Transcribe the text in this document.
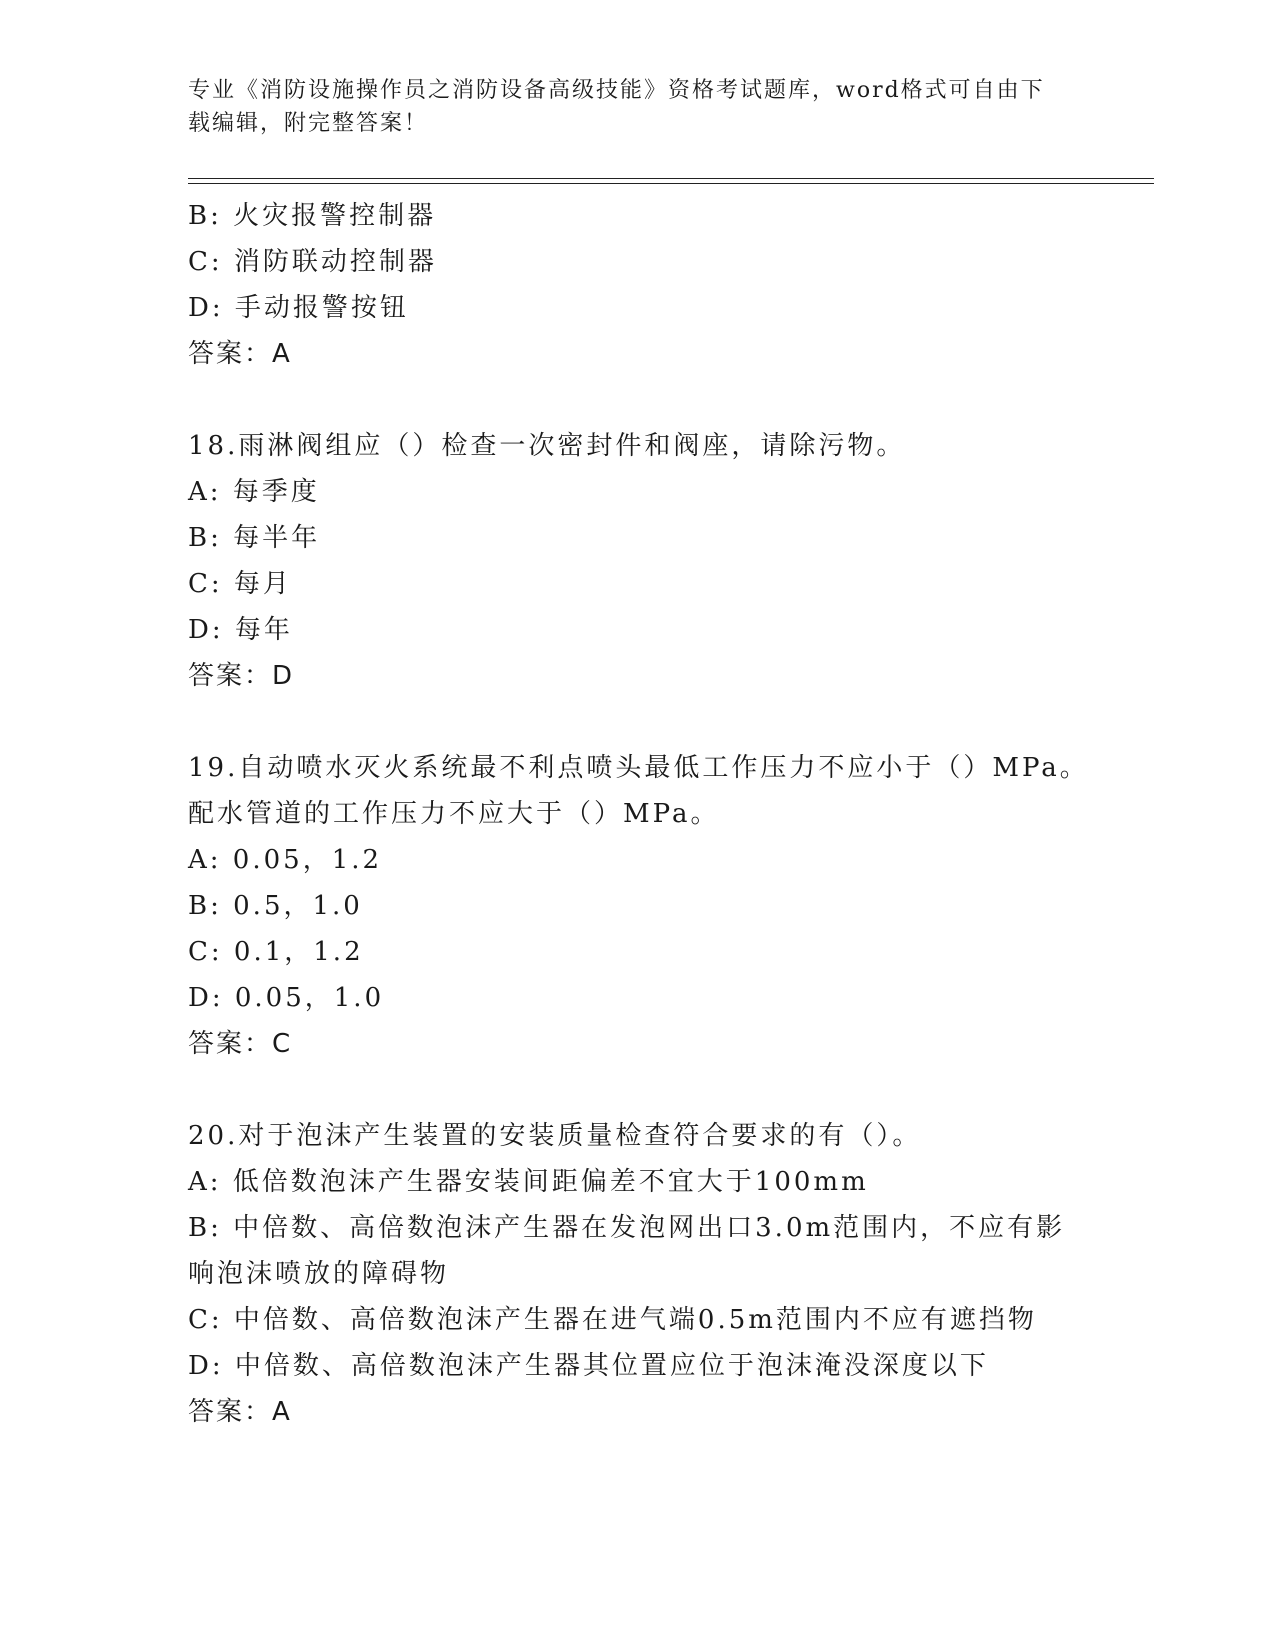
专业《消防设施操作员之消防设备高级技能》资格考试题库，word格式可自由下载编辑，附完整答案！
B: 火灾报警控制器
C: 消防联动控制器
D: 手动报警按钮
答案：A
18.雨淋阀组应（）检查一次密封件和阀座，请除污物。
A: 每季度
B: 每半年
C: 每月
D: 每年
答案：D
19.自动喷水灭火系统最不利点喷头最低工作压力不应小于（）MPa。
配水管道的工作压力不应大于（）MPa。
A: 0.05，1.2
B: 0.5，1.0
C: 0.1，1.2
D: 0.05，1.0
答案：C
20.对于泡沫产生装置的安装质量检查符合要求的有（）。
A: 低倍数泡沫产生器安装间距偏差不宜大于100mm
B: 中倍数、高倍数泡沫产生器在发泡网出口3.0m范围内，不应有影
响泡沫喷放的障碍物
C: 中倍数、高倍数泡沫产生器在进气端0.5m范围内不应有遮挡物
D: 中倍数、高倍数泡沫产生器其位置应位于泡沫淹没深度以下
答案：A
